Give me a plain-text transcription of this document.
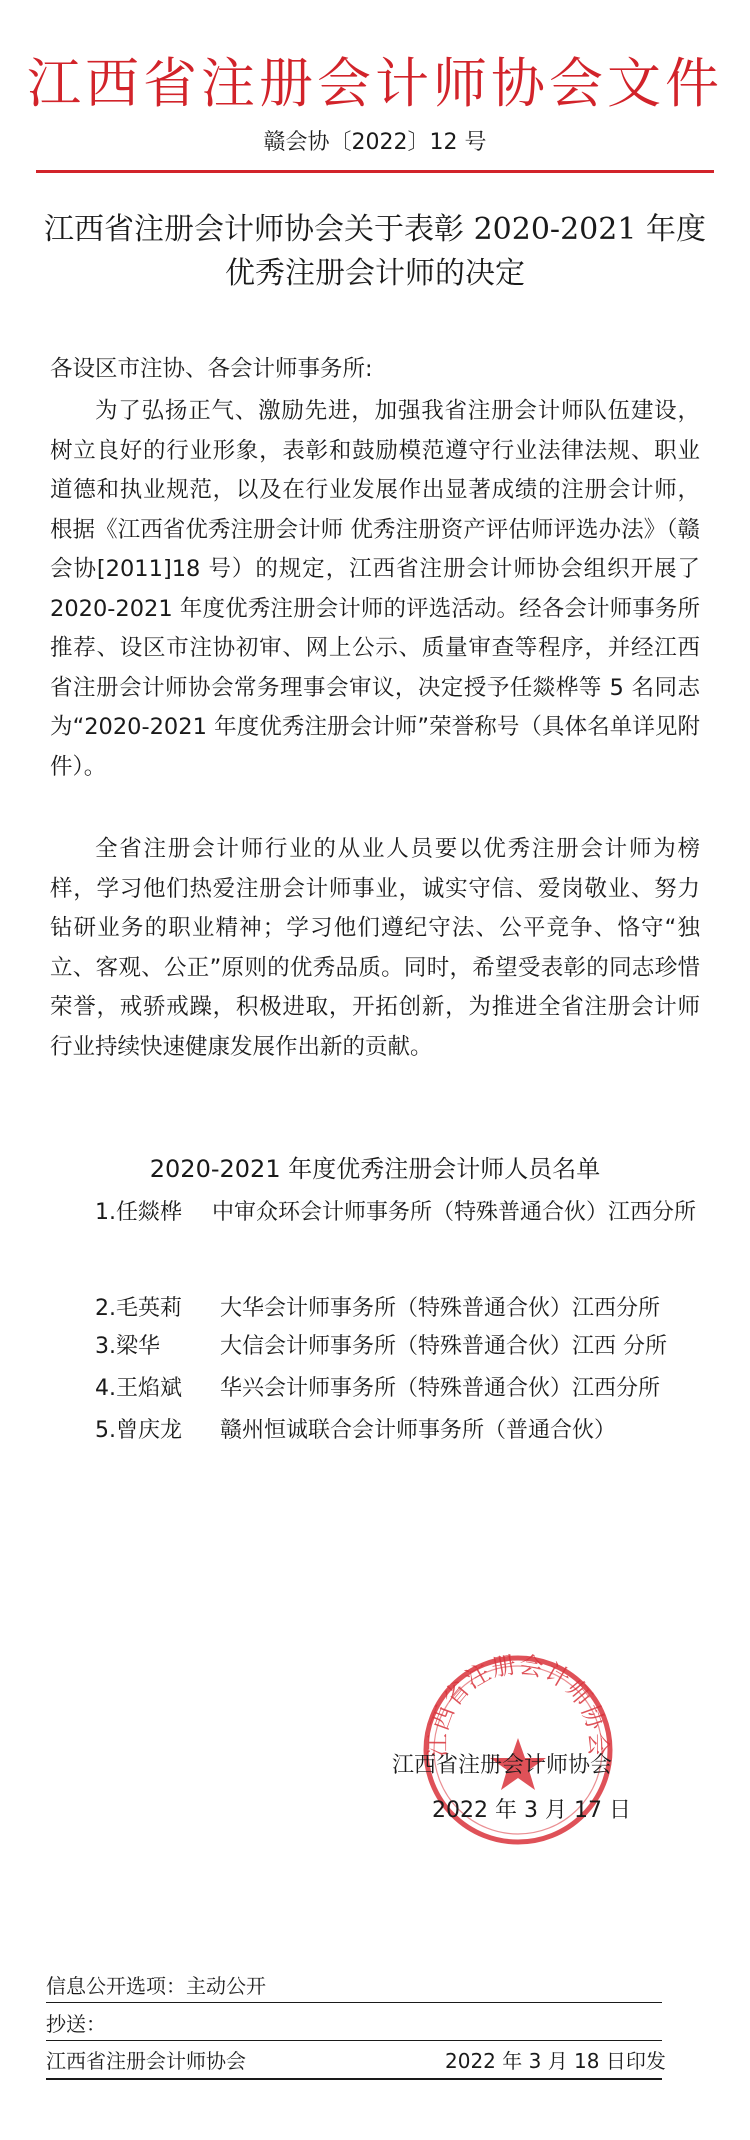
江西省注册会计师协会文件
赣会协〔2022〕12 号
江西省注册会计师协会关于表彰 2020-2021 年度
优秀注册会计师的决定
各设区市注协、各会计师事务所:

为了弘扬正气、激励先进，加强我省注册会计师队伍建设，树立良好的行业形象，表彰和鼓励模范遵守行业法律法规、职业道德和执业规范，以及在行业发展作出显著成绩的注册会计师，根据《江西省优秀注册会计师 优秀注册资产评估师评选办法》（赣会协[2011]18 号）的规定，江西省注册会计师协会组织开展了 2020-2021 年度优秀注册会计师的评选活动。经各会计师事务所推荐、设区市注协初审、网上公示、质量审查等程序，并经江西省注册会计师协会常务理事会审议，决定授予任燚桦等 5 名同志为“2020-2021 年度优秀注册会计师”荣誉称号（具体名单详见附件）。

全省注册会计师行业的从业人员要以优秀注册会计师为榜样，学习他们热爱注册会计师事业，诚实守信、爱岗敬业、努力钻研业务的职业精神；学习他们遵纪守法、公平竞争、恪守“独立、客观、公正”原则的优秀品质。同时，希望受表彰的同志珍惜荣誉，戒骄戒躁，积极进取，开拓创新，为推进全省注册会计师行业持续快速健康发展作出新的贡献。

2020-2021 年度优秀注册会计师人员名单
1.任燚桦 中审众环会计师事务所（特殊普通合伙）江西分所
2.毛英莉 大华会计师事务所（特殊普通合伙）江西分所
3.梁华	大信会计师事务所（特殊普通合伙）江西 分所
4.王焰斌 华兴会计师事务所（特殊普通合伙）江西分所
5.曾庆龙 赣州恒诚联合会计师事务所（普通合伙）
江西省注册会计师协会
江西省注册会计师协会
2022 年 3 月 17 日
信息公开选项：主动公开
抄送：
江西省注册会计师协会	2022 年 3 月 18 日印发
